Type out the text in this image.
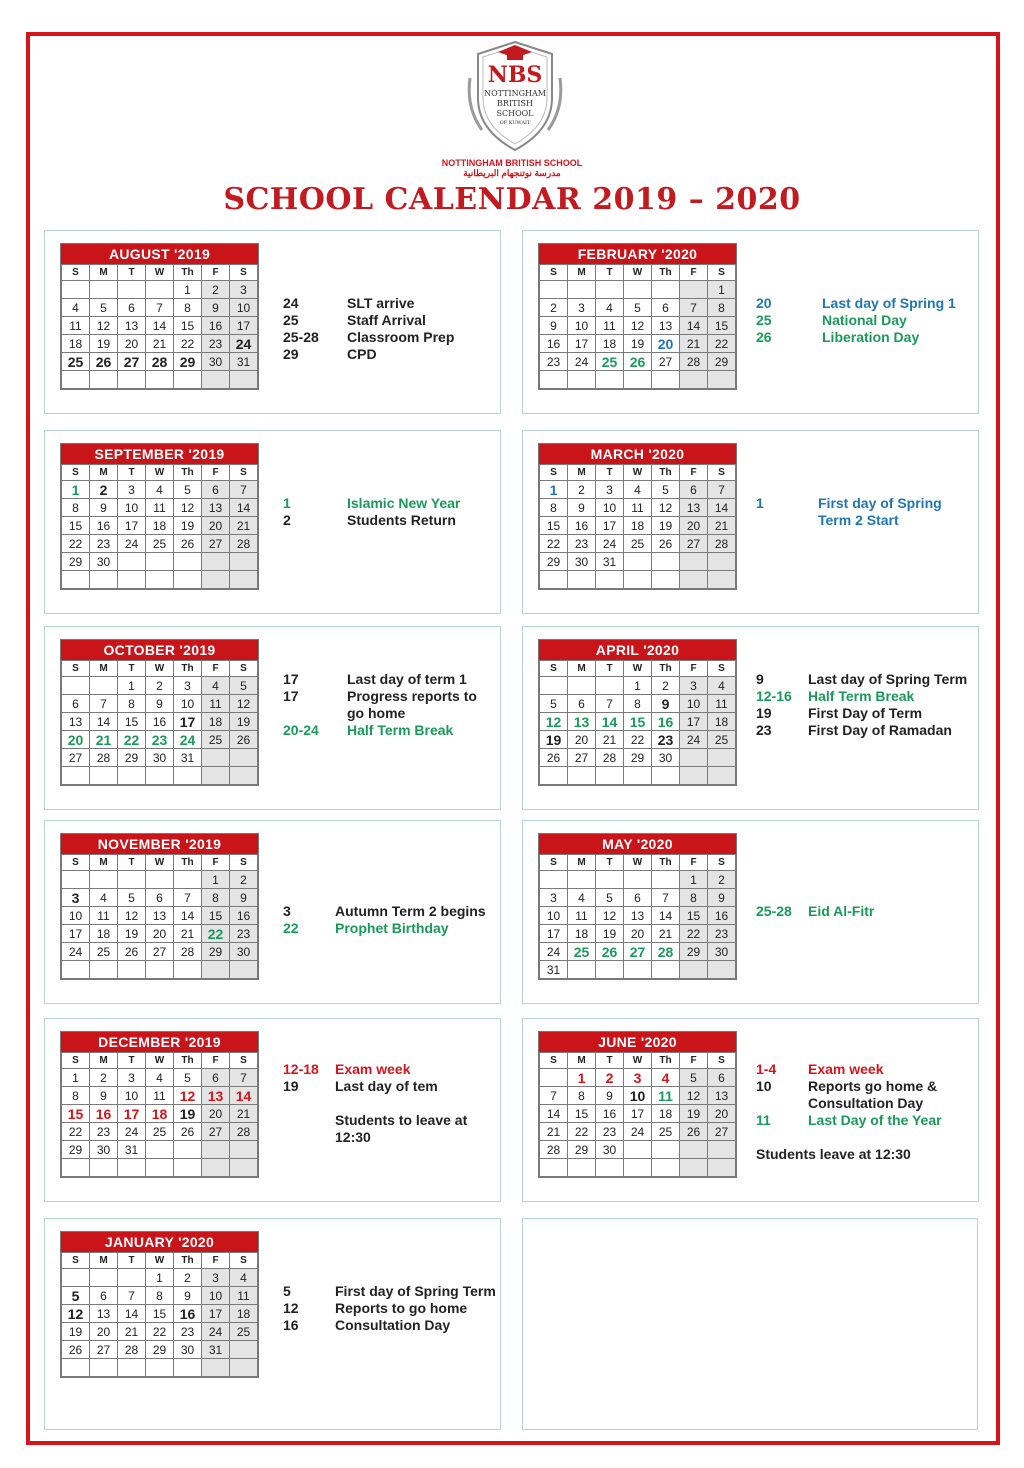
NBS
NOTTINGHAM
BRITISH
SCHOOL
OF KUWAIT
NOTTINGHAM BRITISH SCHOOL
مدرسة نوتنجهام البريطانية
SCHOOL CALENDAR 2019 – 2020
AUGUST '2019
S	M	T	W	Th	F	S
				1	2	3
4	5	6	7	8	9	10
11	12	13	14	15	16	17
18	19	20	21	22	23	24
25	26	27	28	29	30	31

24	SLT arrive
25	Staff Arrival
25-28 Classroom Prep
29	CPD
FEBRUARY '2020
S	M	T	W	Th	F	S
						1
2	3	4	5	6	7	8
9	10	11	12	13	14	15
16	17	18	19	20	21	22
23	24	25	26	27	28	29

20	Last day of Spring 1
25	National Day
26	Liberation Day
SEPTEMBER '2019
S	M	T	W	Th	F	S
1	2	3	4	5	6	7
8	9	10	11	12	13	14
15	16	17	18	19	20	21
22	23	24	25	26	27	28
29	30					

1	Islamic New Year
2	Students Return
MARCH '2020
S	M	T	W	Th	F	S
1	2	3	4	5	6	7
8	9	10	11	12	13	14
15	16	17	18	19	20	21
22	23	24	25	26	27	28
29	30	31				

1	First day of Spring
Term 2 Start
OCTOBER '2019
S	M	T	W	Th	F	S
		1	2	3	4	5
6	7	8	9	10	11	12
13	14	15	16	17	18	19
20	21	22	23	24	25	26
27	28	29	30	31		

17	Last day of term 1
17	Progress reports to
go home
20-24 Half Term Break
APRIL '2020
S	M	T	W	Th	F	S
			1	2	3	4
5	6	7	8	9	10	11
12	13	14	15	16	17	18
19	20	21	22	23	24	25
26	27	28	29	30		

9	Last day of Spring Term
12-16 Half Term Break
19	First Day of Term
23	First Day of Ramadan
NOVEMBER '2019
S	M	T	W	Th	F	S
					1	2
3	4	5	6	7	8	9
10	11	12	13	14	15	16
17	18	19	20	21	22	23
24	25	26	27	28	29	30

3	Autumn Term 2 begins
22	Prophet Birthday
MAY '2020
S	M	T	W	Th	F	S
					1	2
3	4	5	6	7	8	9
10	11	12	13	14	15	16
17	18	19	20	21	22	23
24	25	26	27	28	29	30
31						
25-28 Eid Al-Fitr
DECEMBER '2019
S	M	T	W	Th	F	S
1	2	3	4	5	6	7
8	9	10	11	12	13	14
15	16	17	18	19	20	21
22	23	24	25	26	27	28
29	30	31				

12-18 Exam week
19	Last day of tem
Students to leave at
12:30
JUNE '2020
S	M	T	W	Th	F	S
	1	2	3	4	5	6
7	8	9	10	11	12	13
14	15	16	17	18	19	20
21	22	23	24	25	26	27
28	29	30				

1-4 Exam week
10	Reports go home &
Consultation Day
11	Last Day of the Year
Students leave at 12:30
JANUARY '2020
S	M	T	W	Th	F	S
			1	2	3	4
5	6	7	8	9	10	11
12	13	14	15	16	17	18
19	20	21	22	23	24	25
26	27	28	29	30	31	

5	First day of Spring Term
12	Reports to go home
16	Consultation Day
